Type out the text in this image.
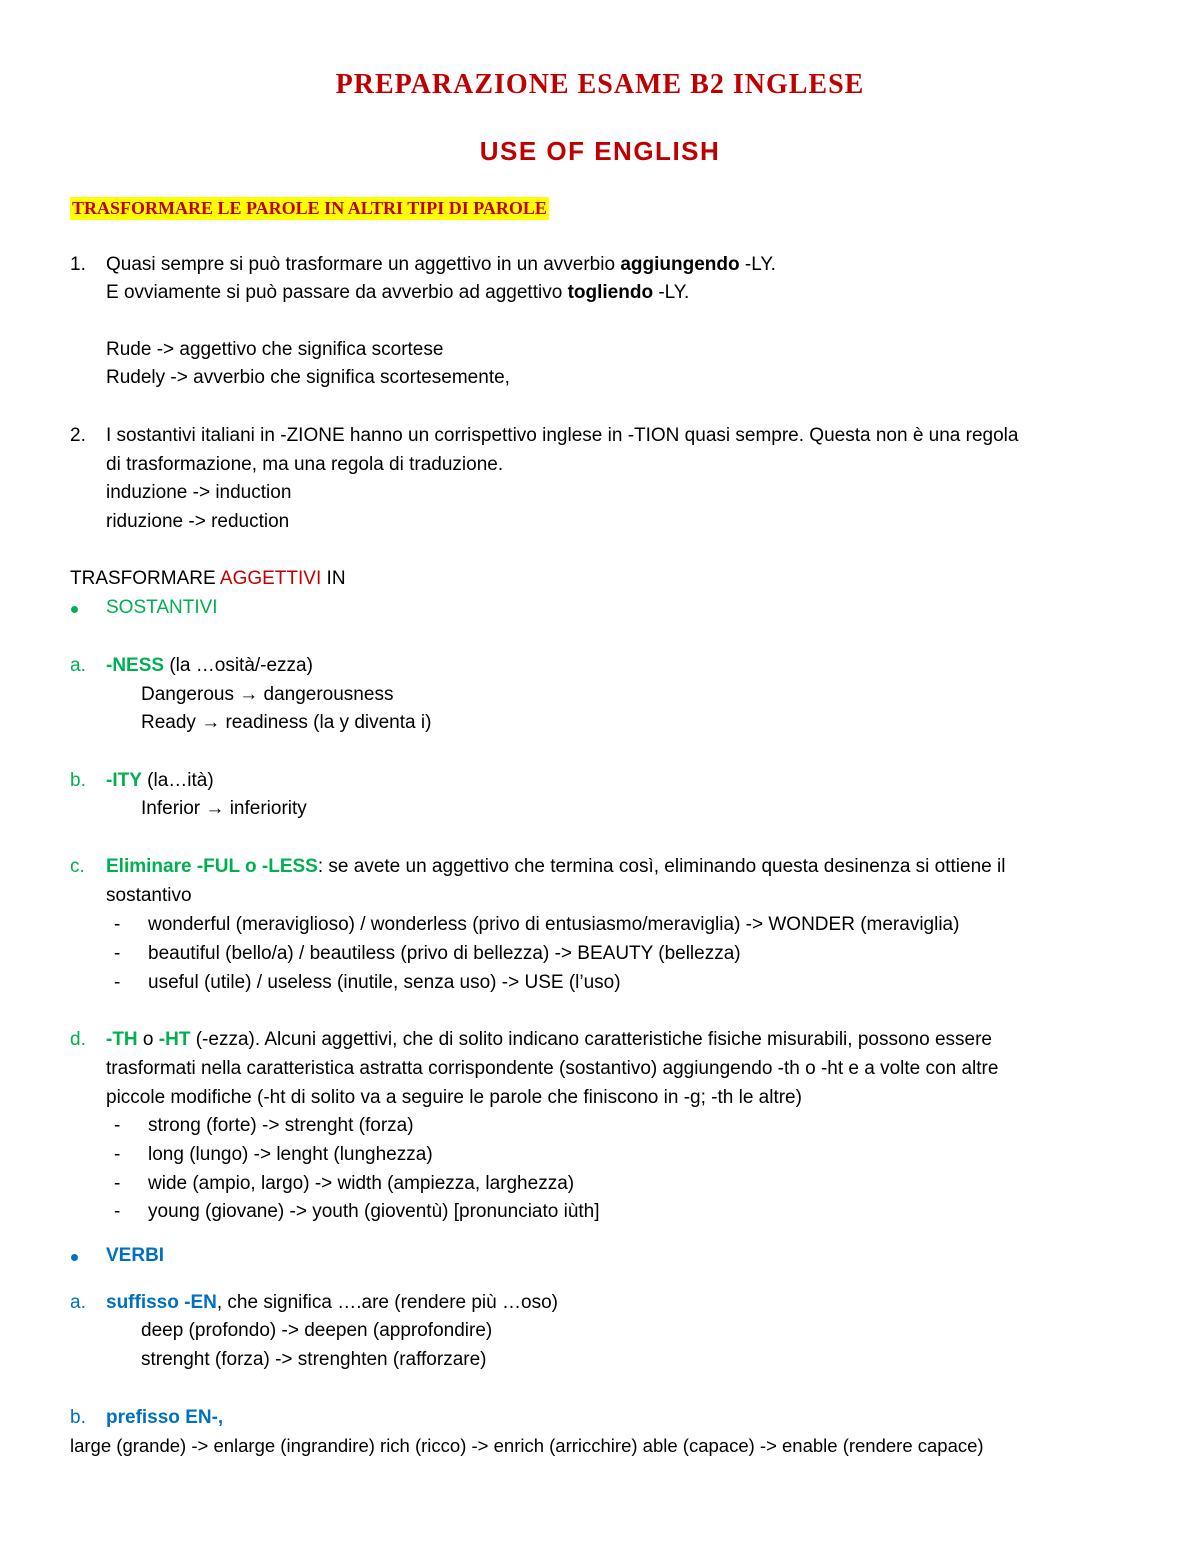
PREPARAZIONE ESAME B2 INGLESE
USE OF ENGLISH
TRASFORMARE LE PAROLE IN ALTRI TIPI DI PAROLE
1. Quasi sempre si può trasformare un aggettivo in un avverbio aggiungendo -LY.
E ovviamente si può passare da avverbio ad aggettivo togliendo -LY.
Rude -> aggettivo che significa scortese
Rudely -> avverbio che significa scortesemente,
2. I sostantivi italiani in -ZIONE hanno un corrispettivo inglese in -TION quasi sempre. Questa non è una regola
di trasformazione, ma una regola di traduzione.
induzione -> induction
riduzione -> reduction
TRASFORMARE AGGETTIVI IN
SOSTANTIVI
a. -NESS (la …osità/-ezza)
Dangerous → dangerousness
Ready → readiness (la y diventa i)
b. -ITY (la…ità)
Inferior → inferiority
c. Eliminare -FUL o -LESS: se avete un aggettivo che termina così, eliminando questa desinenza si ottiene il
sostantivo
- wonderful (meraviglioso) / wonderless (privo di entusiasmo/meraviglia) -> WONDER (meraviglia)
- beautiful (bello/a) / beautiless (privo di bellezza) -> BEAUTY (bellezza)
- useful (utile) / useless (inutile, senza uso) -> USE (l’uso)
d. -TH o -HT (-ezza). Alcuni aggettivi, che di solito indicano caratteristiche fisiche misurabili, possono essere
trasformati nella caratteristica astratta corrispondente (sostantivo) aggiungendo -th o -ht e a volte con altre
piccole modifiche (-ht di solito va a seguire le parole che finiscono in -g; -th le altre)
- strong (forte) -> strenght (forza)
- long (lungo) -> lenght (lunghezza)
- wide (ampio, largo) -> width (ampiezza, larghezza)
- young (giovane) -> youth (gioventù) [pronunciato iùth]
VERBI
a. suffisso -EN, che significa ….are (rendere più …oso)
deep (profondo) -> deepen (approfondire)
strenght (forza) -> strenghten (rafforzare)
b. prefisso EN-,
large (grande) -> enlarge (ingrandire) rich (ricco) -> enrich (arricchire) able (capace) -> enable (rendere capace)
